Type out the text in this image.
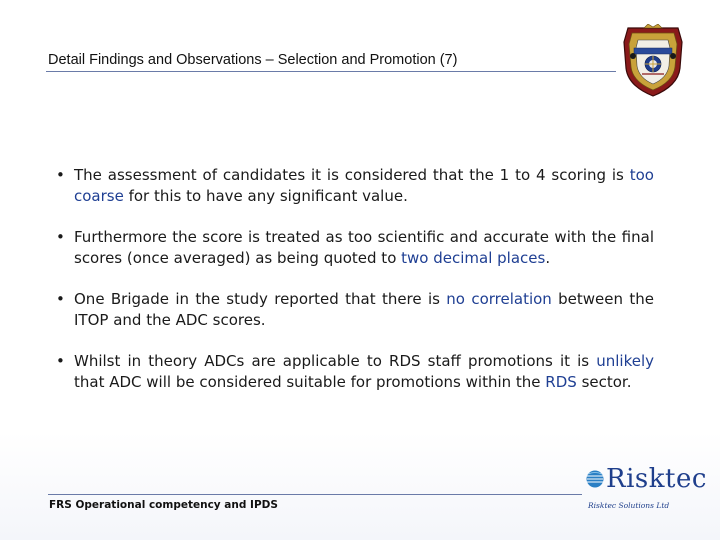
Detail Findings and Observations – Selection and Promotion (7)
• The assessment of candidates it is considered that the 1 to 4 scoring is too coarse for this to have any significant value.
• Furthermore the score is treated as too scientific and accurate with the final scores (once averaged) as being quoted to two decimal places.
• One Brigade in the study reported that there is no correlation between the ITOP and the ADC scores.
• Whilst in theory ADCs are applicable to RDS staff promotions it is unlikely that ADC will be considered suitable for promotions within the RDS sector.
FRS Operational competency and IPDS
Risktec
Risktec Solutions Ltd
